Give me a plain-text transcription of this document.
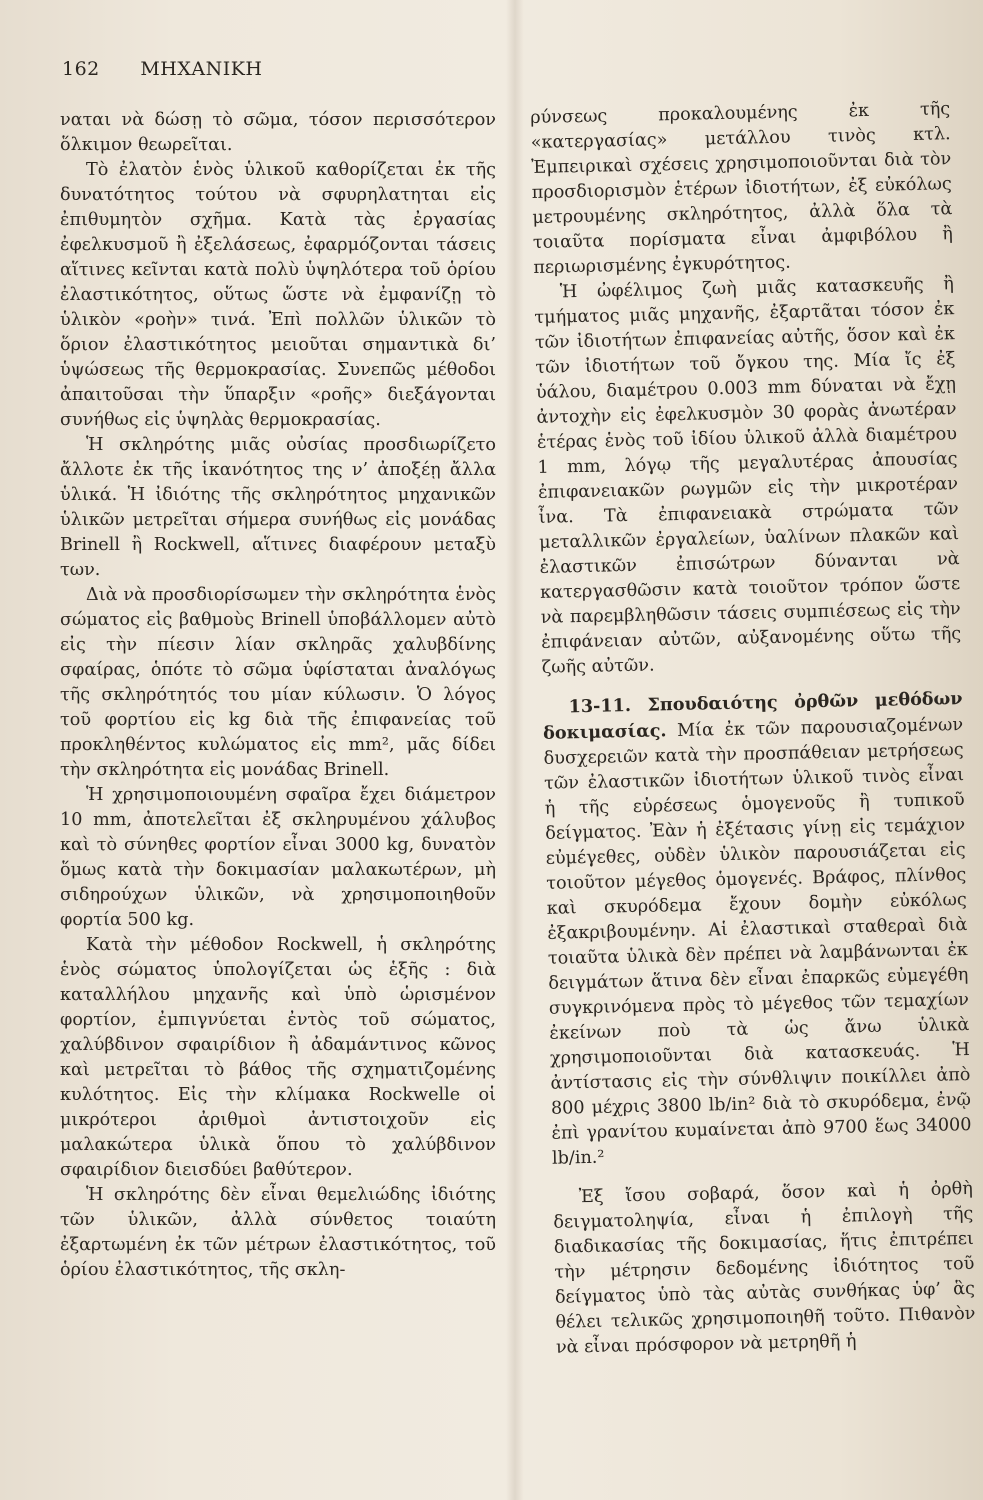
162 ΜΗΧΑΝΙΚΗ

ναται νὰ δώσῃ τὸ σῶμα, τόσον περισσότερον ὅλκιμον θεωρεῖται.

Τὸ ἐλατὸν ἑνὸς ὑλικοῦ καθορίζεται ἐκ τῆς δυνατότητος τούτου νὰ σφυρηλατηται εἰς ἐπιθυμητὸν σχῆμα. Κατὰ τὰς ἐργασίας ἐφελκυσμοῦ ἢ ἐξελάσεως, ἐφαρμόζονται τάσεις αἵτινες κεῖνται κατὰ πολὺ ὑψηλότερα τοῦ ὁρίου ἐλαστικότητος, οὕτως ὥστε νὰ ἐμφανίζῃ τὸ ὑλικὸν «ροὴν» τινά. Ἐπὶ πολλῶν ὑλικῶν τὸ ὅριον ἐλαστικότητος μειοῦται σημαντικὰ δι’ ὑψώσεως τῆς θερμοκρασίας. Συνεπῶς μέθοδοι ἀπαιτοῦσαι τὴν ὕπαρξιν «ροῆς» διεξάγονται συνήθως εἰς ὑψηλὰς θερμοκρασίας.

Ἡ σκληρότης μιᾶς οὐσίας προσδιωρίζετο ἄλλοτε ἐκ τῆς ἱκανότητος της ν’ ἀποξέῃ ἄλλα ὑλικά. Ἡ ἰδιότης τῆς σκληρότητος μηχανικῶν ὑλικῶν μετρεῖται σήμερα συνήθως εἰς μονάδας Brinell ἢ Rockwell, αἵτινες διαφέρουν μεταξὺ των.

Διὰ νὰ προσδιορίσωμεν τὴν σκληρότητα ἑνὸς σώματος εἰς βαθμοὺς Brinell ὑποβάλλομεν αὐτὸ εἰς τὴν πίεσιν λίαν σκληρᾶς χαλυβδίνης σφαίρας, ὁπότε τὸ σῶμα ὑφίσταται ἀναλόγως τῆς σκληρότητός του μίαν κύλωσιν. Ὁ λόγος τοῦ φορτίου εἰς kg διὰ τῆς ἐπιφανείας τοῦ προκληθέντος κυλώματος εἰς mm², μᾶς δίδει τὴν σκληρότητα εἰς μονάδας Brinell.

Ἡ χρησιμοποιουμένη σφαῖρα ἔχει διάμετρον 10 mm, ἀποτελεῖται ἐξ σκληρυμένου χάλυβος καὶ τὸ σύνηθες φορτίον εἶναι 3000 kg, δυνατὸν ὅμως κατὰ τὴν δοκιμασίαν μαλακωτέρων, μὴ σιδηρούχων ὑλικῶν, νὰ χρησιμοποιηθοῦν φορτία 500 kg.

Κατὰ τὴν μέθοδον Rockwell, ἡ σκληρότης ἑνὸς σώματος ὑπολογίζεται ὡς ἑξῆς : διὰ καταλλήλου μηχανῆς καὶ ὑπὸ ὡρισμένον φορτίον, ἐμπιγνύεται ἐντὸς τοῦ σώματος, χαλύβδινον σφαιρίδιον ἢ ἀδαμάντινος κῶνος καὶ μετρεῖται τὸ βάθος τῆς σχηματιζομένης κυλότητος. Εἰς τὴν κλίμακα Rockwelle οἱ μικρότεροι ἀριθμοὶ ἀντιστοιχοῦν εἰς μαλακώτερα ὑλικὰ ὅπου τὸ χαλύβδινον σφαιρίδιον διεισδύει βαθύτερον.

Ἡ σκληρότης δὲν εἶναι θεμελιώδης ἰδιότης τῶν ὑλικῶν, ἀλλὰ σύνθετος τοιαύτη ἐξαρτωμένη ἐκ τῶν μέτρων ἐλαστικότητος, τοῦ ὁρίου ἐλαστικότητος, τῆς σκλη-

ρύνσεως προκαλουμένης ἐκ τῆς «κατεργασίας» μετάλλου τινὸς κτλ. Ἐμπειρικαὶ σχέσεις χρησιμοποιοῦνται διὰ τὸν προσδιορισμὸν ἑτέρων ἰδιοτήτων, ἐξ εὐκόλως μετρουμένης σκληρότητος, ἀλλὰ ὅλα τὰ τοιαῦτα πορίσματα εἶναι ἀμφιβόλου ἢ περιωρισμένης ἐγκυρότητος.

Ἡ ὠφέλιμος ζωὴ μιᾶς κατασκευῆς ἢ τμήματος μιᾶς μηχανῆς, ἐξαρτᾶται τόσον ἐκ τῶν ἰδιοτήτων ἐπιφανείας αὐτῆς, ὅσον καὶ ἐκ τῶν ἰδιοτήτων τοῦ ὄγκου της. Μία ἴς ἐξ ὑάλου, διαμέτρου 0.003 mm δύναται νὰ ἔχῃ ἀντοχὴν εἰς ἐφελκυσμὸν 30 φορὰς ἀνωτέραν ἑτέρας ἑνὸς τοῦ ἰδίου ὑλικοῦ ἀλλὰ διαμέτρου 1 mm, λόγῳ τῆς μεγαλυτέρας ἀπουσίας ἐπιφανειακῶν ρωγμῶν εἰς τὴν μικροτέραν ἶνα. Τὰ ἐπιφανειακὰ στρώματα τῶν μεταλλικῶν ἐργαλείων, ὑαλίνων πλακῶν καὶ ἐλαστικῶν ἐπισώτρων δύνανται νὰ κατεργασθῶσιν κατὰ τοιοῦτον τρόπον ὥστε νὰ παρεμβληθῶσιν τάσεις συμπιέσεως εἰς τὴν ἐπιφάνειαν αὐτῶν, αὐξανομένης οὕτω τῆς ζωῆς αὐτῶν.

13-11. Σπουδαιότης ὀρθῶν μεθόδων δοκιμασίας. Μία ἐκ τῶν παρουσιαζομένων δυσχερειῶν κατὰ τὴν προσπάθειαν μετρήσεως τῶν ἐλαστικῶν ἰδιοτήτων ὑλικοῦ τινὸς εἶναι ἡ τῆς εὑρέσεως ὁμογενοῦς ἢ τυπικοῦ δείγματος. Ἐὰν ἡ ἐξέτασις γίνῃ εἰς τεμάχιον εὐμέγεθες, οὐδὲν ὑλικὸν παρουσιάζεται εἰς τοιοῦτον μέγεθος ὁμογενές. Βράφος, πλίνθος καὶ σκυρόδεμα ἔχουν δομὴν εὐκόλως ἐξακριβουμένην. Αἱ ἐλαστικαὶ σταθεραὶ διὰ τοιαῦτα ὑλικὰ δὲν πρέπει νὰ λαμβάνωνται ἐκ δειγμάτων ἅτινα δὲν εἶναι ἐπαρκῶς εὐμεγέθη συγκρινόμενα πρὸς τὸ μέγεθος τῶν τεμαχίων ἐκείνων ποὺ τὰ ὡς ἄνω ὑλικὰ χρησιμοποιοῦνται διὰ κατασκευάς. Ἡ ἀντίστασις εἰς τὴν σύνθλιψιν ποικίλλει ἀπὸ 800 μέχρις 3800 lb/in² διὰ τὸ σκυρόδεμα, ἐνῷ ἐπὶ γρανίτου κυμαίνεται ἀπὸ 9700 ἕως 34000 lb/in.²

Ἐξ ἴσου σοβαρά, ὅσον καὶ ἡ ὀρθὴ δειγματοληψία, εἶναι ἡ ἐπιλογὴ τῆς διαδικασίας τῆς δοκιμασίας, ἥτις ἐπιτρέπει τὴν μέτρησιν δεδομένης ἰδιότητος τοῦ δείγματος ὑπὸ τὰς αὐτὰς συνθήκας ὑφ’ ἃς θέλει τελικῶς χρησιμοποιηθῆ τοῦτο. Πιθανὸν νὰ εἶναι πρόσφορον νὰ μετρηθῆ ἡ
